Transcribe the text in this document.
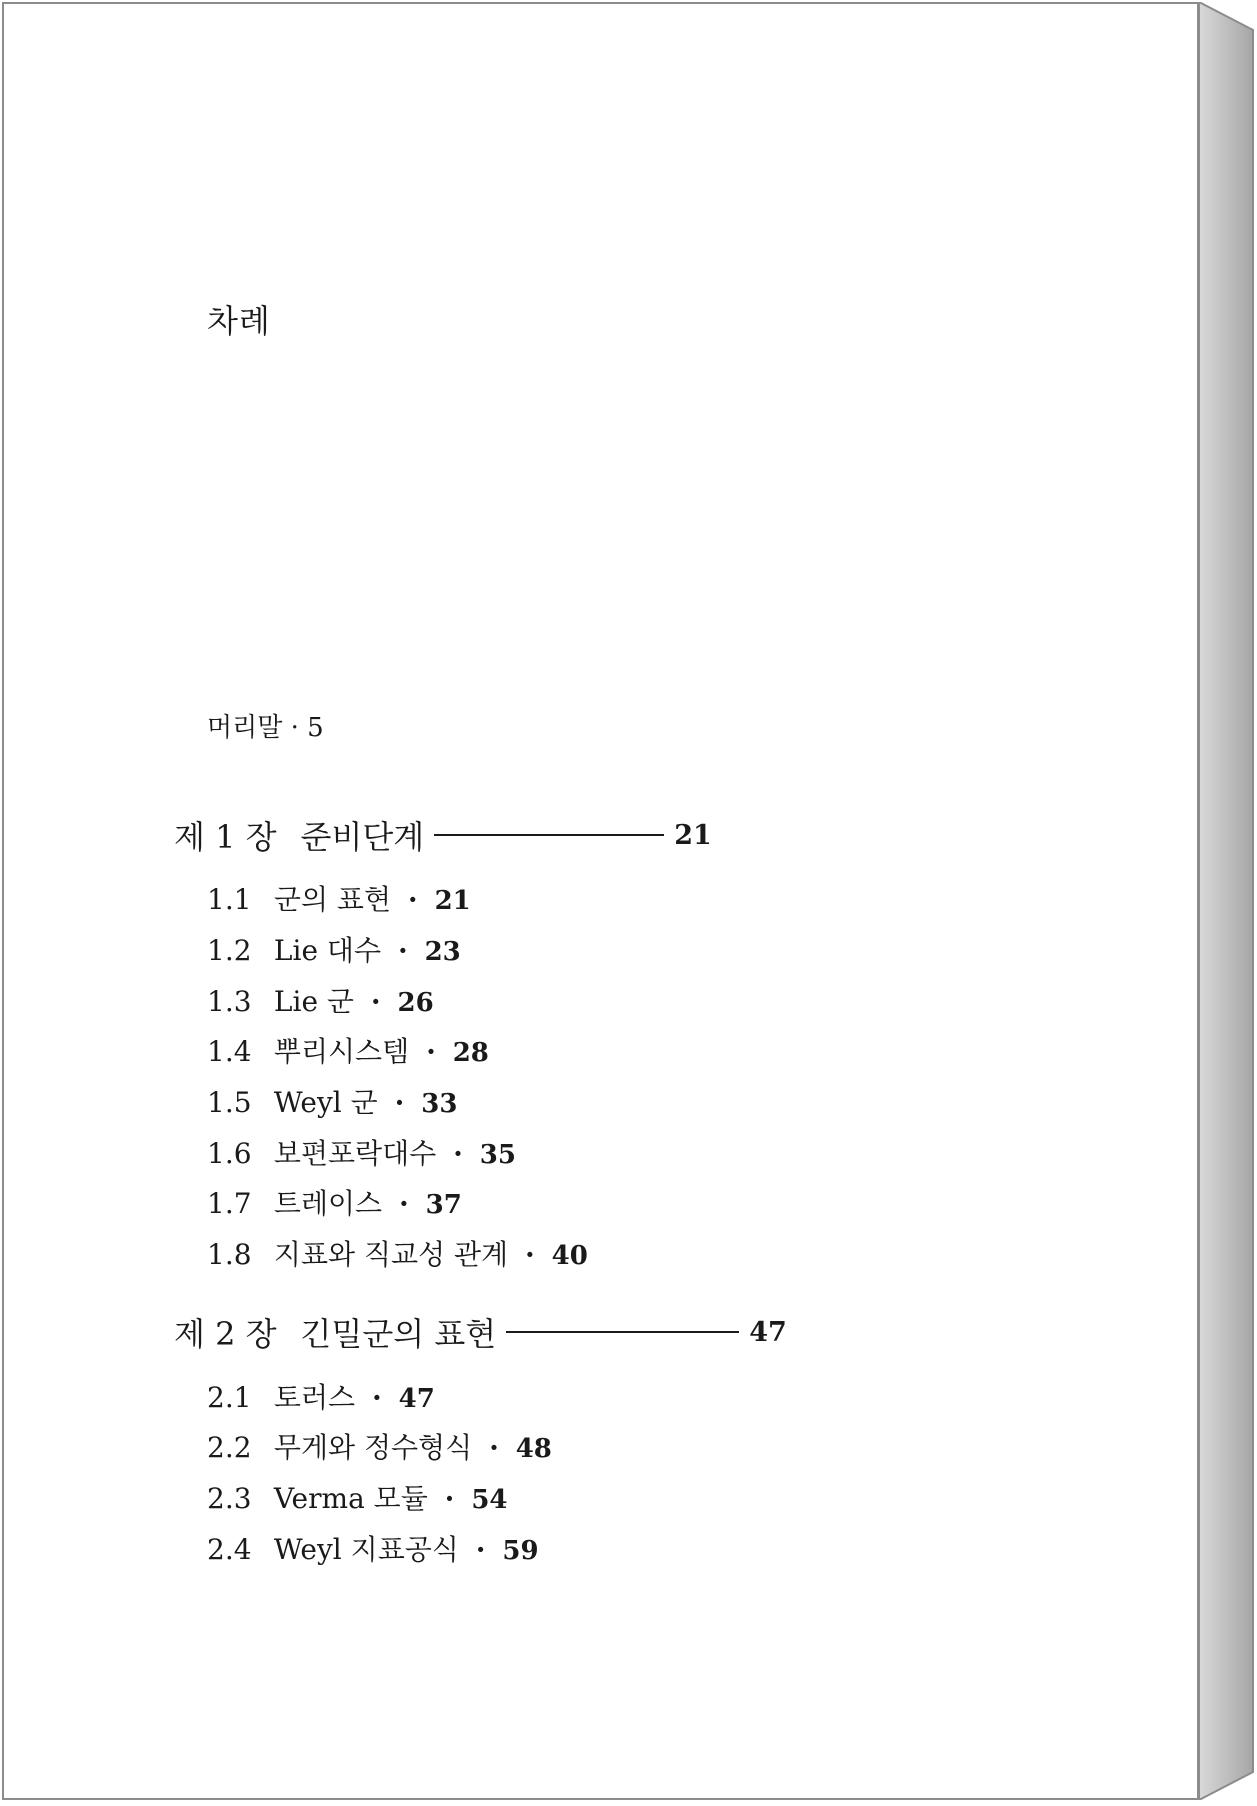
차례
머리말 · 5
제 1 장 준비단계	21
1.1 군의 표현 · 21
1.2 Lie 대수 · 23
1.3 Lie 군 · 26
1.4 뿌리시스템 · 28
1.5 Weyl 군 · 33
1.6 보편포락대수 · 35
1.7 트레이스 · 37
1.8 지표와 직교성 관계 · 40
제 2 장 긴밀군의 표현	47
2.1 토러스 · 47
2.2 무게와 정수형식 · 48
2.3 Verma 모듈 · 54
2.4 Weyl 지표공식 · 59
